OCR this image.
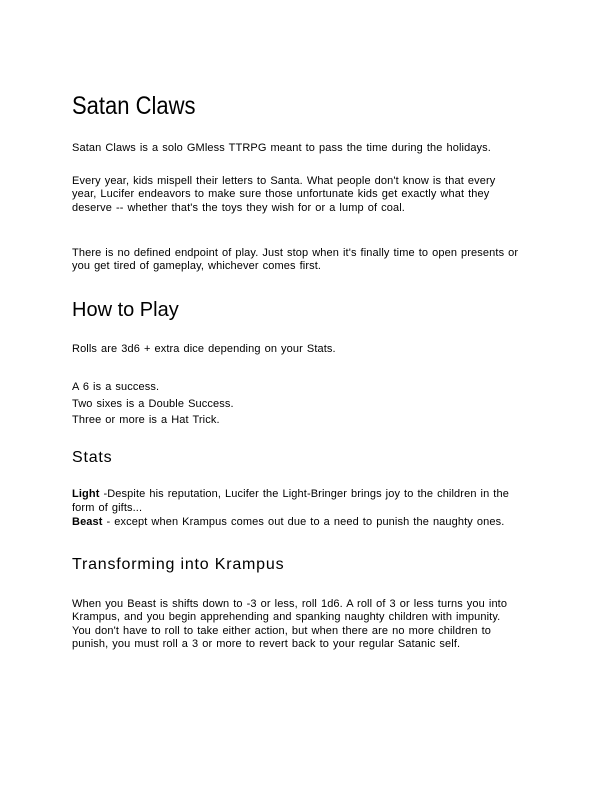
Satan Claws
Satan Claws is a solo GMless TTRPG meant to pass the time during the holidays.
Every year, kids mispell their letters to Santa. What people don't know is that every
year, Lucifer endeavors to make sure those unfortunate kids get exactly what they
deserve -- whether that's the toys they wish for or a lump of coal.
There is no defined endpoint of play. Just stop when it's finally time to open presents or
you get tired of gameplay, whichever comes first.
How to Play
Rolls are 3d6 + extra dice depending on your Stats.
A 6 is a success.
Two sixes is a Double Success.
Three or more is a Hat Trick.
Stats
Light -Despite his reputation, Lucifer the Light-Bringer brings joy to the children in the
form of gifts...
Beast - except when Krampus comes out due to a need to punish the naughty ones.
Transforming into Krampus
When you Beast is shifts down to -3 or less, roll 1d6. A roll of 3 or less turns you into
Krampus, and you begin apprehending and spanking naughty children with impunity.
You don't have to roll to take either action, but when there are no more children to
punish, you must roll a 3 or more to revert back to your regular Satanic self.
